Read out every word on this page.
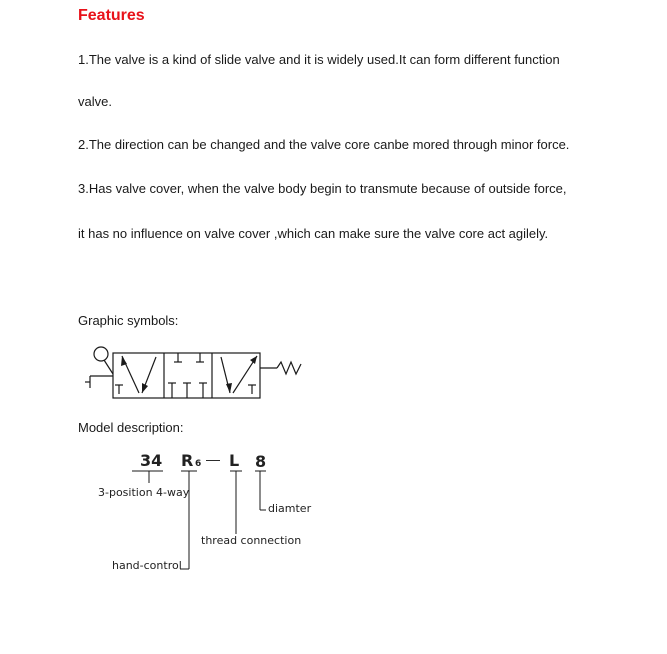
Features
1.The valve is a kind of slide valve and it is widely used.It can form different function
valve.
2.The direction can be changed and the valve core canbe mored through minor force.
3.Has valve cover, when the valve body begin to transmute because of outside force,
it has no influence on valve cover ,which can make sure the valve core act agilely.
Graphic symbols:
Model description:
34 R 6 — L 8
3-position 4-way
diamter
thread connection
hand-control
